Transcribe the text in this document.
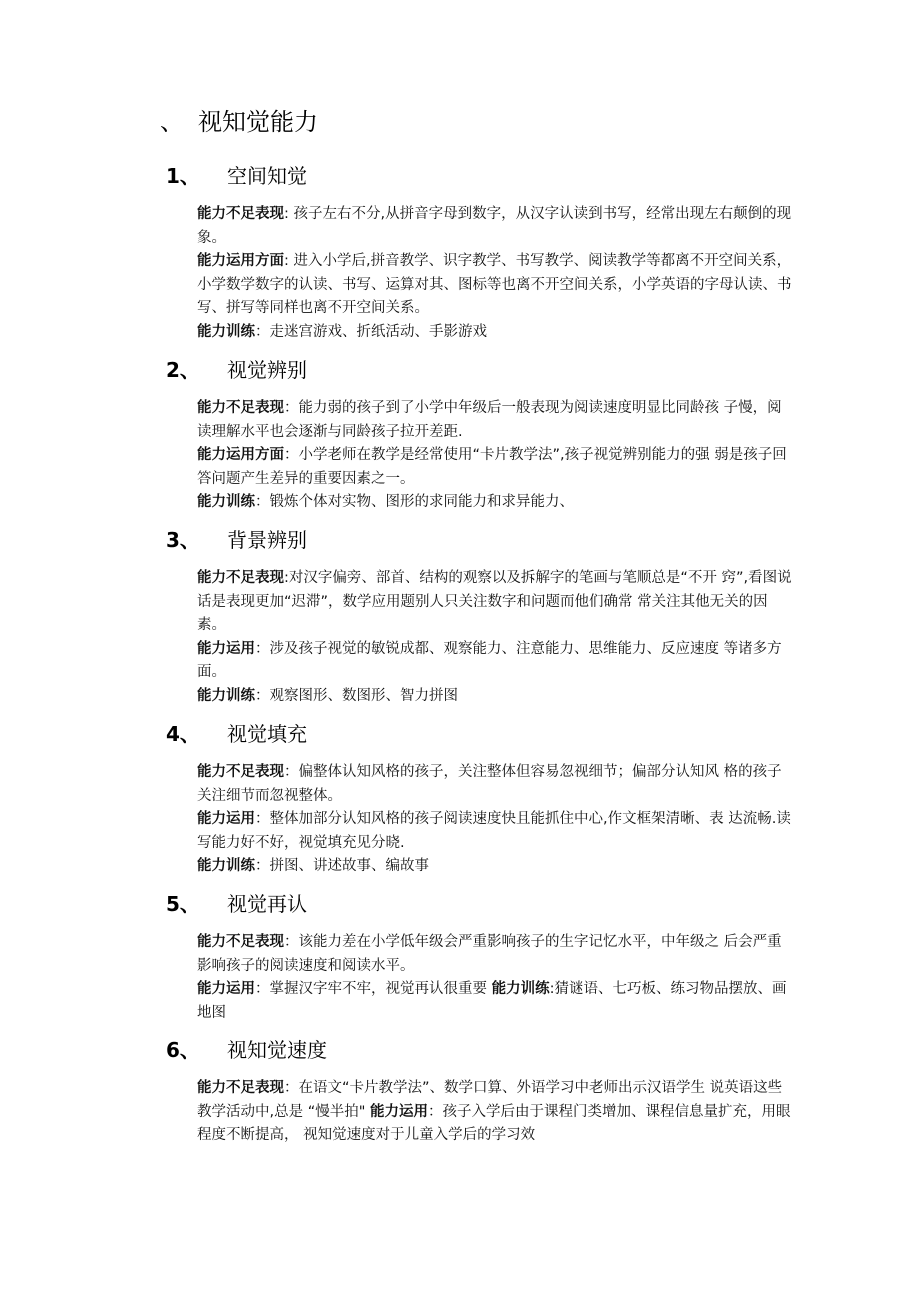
、 视知觉能力
1、 空间知觉

能力不足表现: 孩子左右不分,从拼音字母到数字，从汉字认读到书写，经常出现左右颠倒的现象。

能力运用方面: 进入小学后,拼音教学、识字教学、书写教学、阅读教学等都离不开空间关系，小学数学数字的认读、书写、运算对其、图标等也离不开空间关系，小学英语的字母认读、书写、拼写等同样也离不开空间关系。

能力训练：走迷宫游戏、折纸活动、手影游戏

2、 视觉辨别

能力不足表现：能力弱的孩子到了小学中年级后一般表现为阅读速度明显比同龄孩 子慢，阅读理解水平也会逐渐与同龄孩子拉开差距.

能力运用方面：小学老师在教学是经常使用“卡片教学法”,孩子视觉辨别能力的强 弱是孩子回答问题产生差异的重要因素之一。

能力训练：锻炼个体对实物、图形的求同能力和求异能力、

3、 背景辨别

能力不足表现:对汉字偏旁、部首、结构的观察以及拆解字的笔画与笔顺总是“不开 窍”,看图说话是表现更加“迟滞”，数学应用题别人只关注数字和问题而他们确常 常关注其他无关的因素。

能力运用：涉及孩子视觉的敏锐成都、观察能力、注意能力、思维能力、反应速度 等诸多方面。

能力训练：观察图形、数图形、智力拼图

4、 视觉填充

能力不足表现：偏整体认知风格的孩子，关注整体但容易忽视细节；偏部分认知风 格的孩子关注细节而忽视整体。

能力运用：整体加部分认知风格的孩子阅读速度快且能抓住中心,作文框架清晰、表 达流畅.读写能力好不好，视觉填充见分晓.

能力训练：拼图、讲述故事、编故事

5、 视觉再认

能力不足表现：该能力差在小学低年级会严重影响孩子的生字记忆水平，中年级之 后会严重影响孩子的阅读速度和阅读水平。

能力运用：掌握汉字牢不牢，视觉再认很重要 能力训练:猜谜语、七巧板、练习物品摆放、画地图

6、 视知觉速度

能力不足表现：在语文“卡片教学法”、数学口算、外语学习中老师出示汉语学生 说英语这些教学活动中,总是 “慢半拍" 能力运用：孩子入学后由于课程门类增加、课程信息量扩充，用眼程度不断提高， 视知觉速度对于儿童入学后的学习效
